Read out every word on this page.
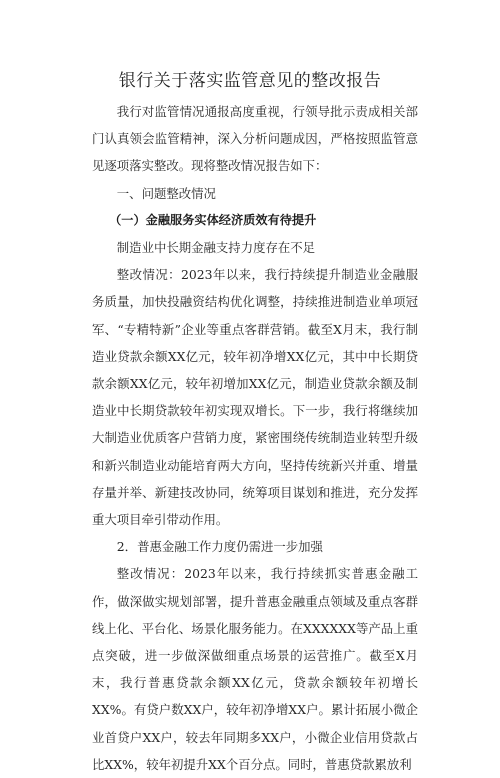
银行关于落实监管意见的整改报告

我行对监管情况通报高度重视，行领导批示责成相关部门认真领会监管精神，深入分析问题成因，严格按照监管意见逐项落实整改。现将整改情况报告如下：

一、问题整改情况

（一）金融服务实体经济质效有待提升

制造业中长期金融支持力度存在不足

整改情况：2023年以来，我行持续提升制造业金融服务质量，加快投融资结构优化调整，持续推进制造业单项冠军、“专精特新”企业等重点客群营销。截至X月末，我行制造业贷款余额XX亿元，较年初净增XX亿元，其中中长期贷款余额XX亿元，较年初增加XX亿元，制造业贷款余额及制造业中长期贷款较年初实现双增长。下一步，我行将继续加大制造业优质客户营销力度，紧密围绕传统制造业转型升级和新兴制造业动能培育两大方向，坚持传统新兴并重、增量存量并举、新建技改协同，统筹项目谋划和推进，充分发挥重大项目牵引带动作用。

2．普惠金融工作力度仍需进一步加强

整改情况：2023年以来，我行持续抓实普惠金融工作，做深做实规划部署，提升普惠金融重点领域及重点客群线上化、平台化、场景化服务能力。在XXXXXX等产品上重点突破，进一步做深做细重点场景的运营推广。截至X月末，我行普惠贷款余额XX亿元，贷款余额较年初增长XX%。有贷户数XX户，较年初净增XX户。累计拓展小微企业首贷户XX户，较去年同期多XX户，小微企业信用贷款占比XX%，较年初提升XX个百分点。同时，普惠贷款累放利
